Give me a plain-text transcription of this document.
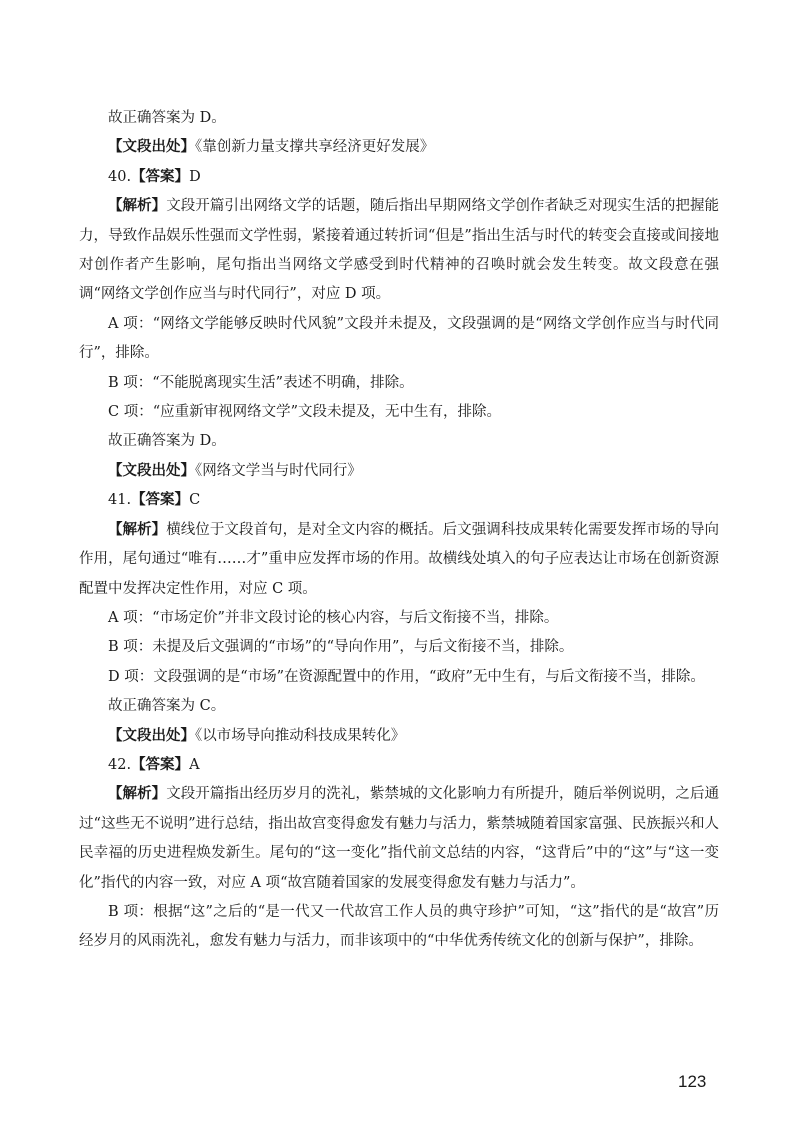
故正确答案为 D。

【文段出处】《靠创新力量支撑共享经济更好发展》

40.【答案】D

【解析】文段开篇引出网络文学的话题，随后指出早期网络文学创作者缺乏对现实生活的把握能力，导致作品娱乐性强而文学性弱，紧接着通过转折词“但是”指出生活与时代的转变会直接或间接地对创作者产生影响，尾句指出当网络文学感受到时代精神的召唤时就会发生转变。故文段意在强调“网络文学创作应当与时代同行”，对应 D 项。

A 项：“网络文学能够反映时代风貌”文段并未提及，文段强调的是“网络文学创作应当与时代同行”，排除。

B 项：“不能脱离现实生活”表述不明确，排除。

C 项：“应重新审视网络文学”文段未提及，无中生有，排除。

故正确答案为 D。

【文段出处】《网络文学当与时代同行》

41.【答案】C

【解析】横线位于文段首句，是对全文内容的概括。后文强调科技成果转化需要发挥市场的导向作用，尾句通过“唯有……才”重申应发挥市场的作用。故横线处填入的句子应表达让市场在创新资源配置中发挥决定性作用，对应 C 项。

A 项：“市场定价”并非文段讨论的核心内容，与后文衔接不当，排除。

B 项：未提及后文强调的“市场”的“导向作用”，与后文衔接不当，排除。

D 项：文段强调的是“市场”在资源配置中的作用，“政府”无中生有，与后文衔接不当，排除。

故正确答案为 C。

【文段出处】《以市场导向推动科技成果转化》

42.【答案】A

【解析】文段开篇指出经历岁月的洗礼，紫禁城的文化影响力有所提升，随后举例说明，之后通过“这些无不说明”进行总结，指出故宫变得愈发有魅力与活力，紫禁城随着国家富强、民族振兴和人民幸福的历史进程焕发新生。尾句的“这一变化”指代前文总结的内容，“这背后”中的“这”与“这一变化”指代的内容一致，对应 A 项“故宫随着国家的发展变得愈发有魅力与活力”。

B 项：根据“这”之后的“是一代又一代故宫工作人员的典守珍护”可知，“这”指代的是“故宫”历经岁月的风雨洗礼，愈发有魅力与活力，而非该项中的“中华优秀传统文化的创新与保护”，排除。

123
